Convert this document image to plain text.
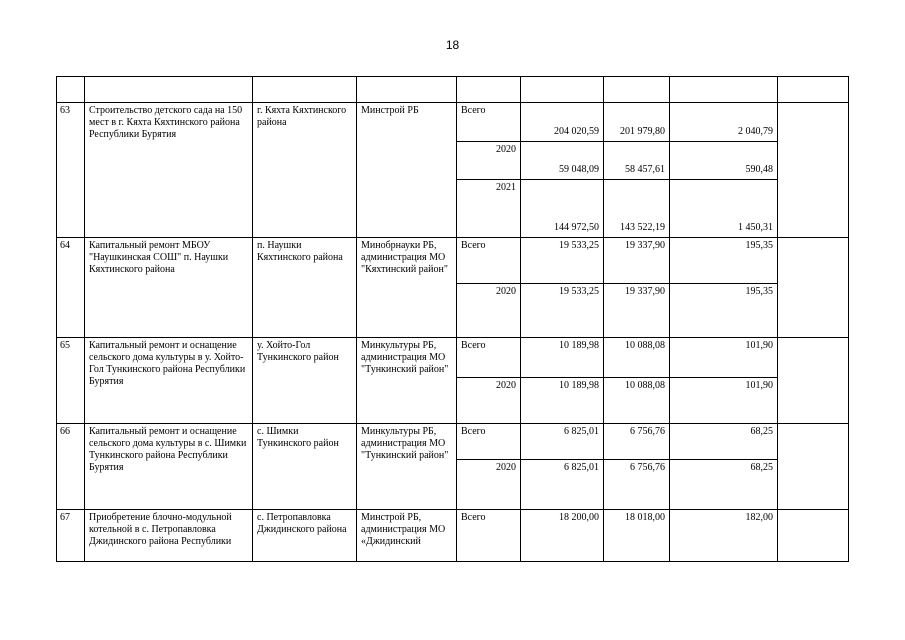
18

63	Строительство детского сада на 150 мест в г. Кяхта Кяхтинского района Республики Бурятия	г. Кяхта Кяхтинского района	Минстрой РБ	Всего	204 020,59	201 979,80	2 040,79	
				2020	59 048,09	58 457,61	590,48	
				2021	144 972,50	143 522,19	1 450,31	
64	Капитальный ремонт МБОУ "Наушкинская СОШ" п. Наушки Кяхтинского района	п. Наушки Кяхтинского района	Минобрнауки РБ, администрация МО "Кяхтинский район"	Всего	19 533,25	19 337,90	195,35	
				2020	19 533,25	19 337,90	195,35	
65	Капитальный ремонт и оснащение сельского дома культуры в у. Хойто-Гол Тункинского района Республики Бурятия	у. Хойто-Гол Тункинского район	Минкультуры РБ, администрация МО "Тункинский район"	Всего	10 189,98	10 088,08	101,90	
				2020	10 189,98	10 088,08	101,90	
66	Капитальный ремонт и оснащение сельского дома культуры в с. Шимки Тункинского района Республики Бурятия	с. Шимки Тункинского район	Минкультуры РБ, администрация МО "Тункинский район"	Всего	6 825,01	6 756,76	68,25	
				2020	6 825,01	6 756,76	68,25	
67	Приобретение блочно-модульной котельной в с. Петропавловка Джидинского района Республики	с. Петропавловка Джидинского района	Минстрой РБ, администрация МО «Джидинский	Всего	18 200,00	18 018,00	182,00	
